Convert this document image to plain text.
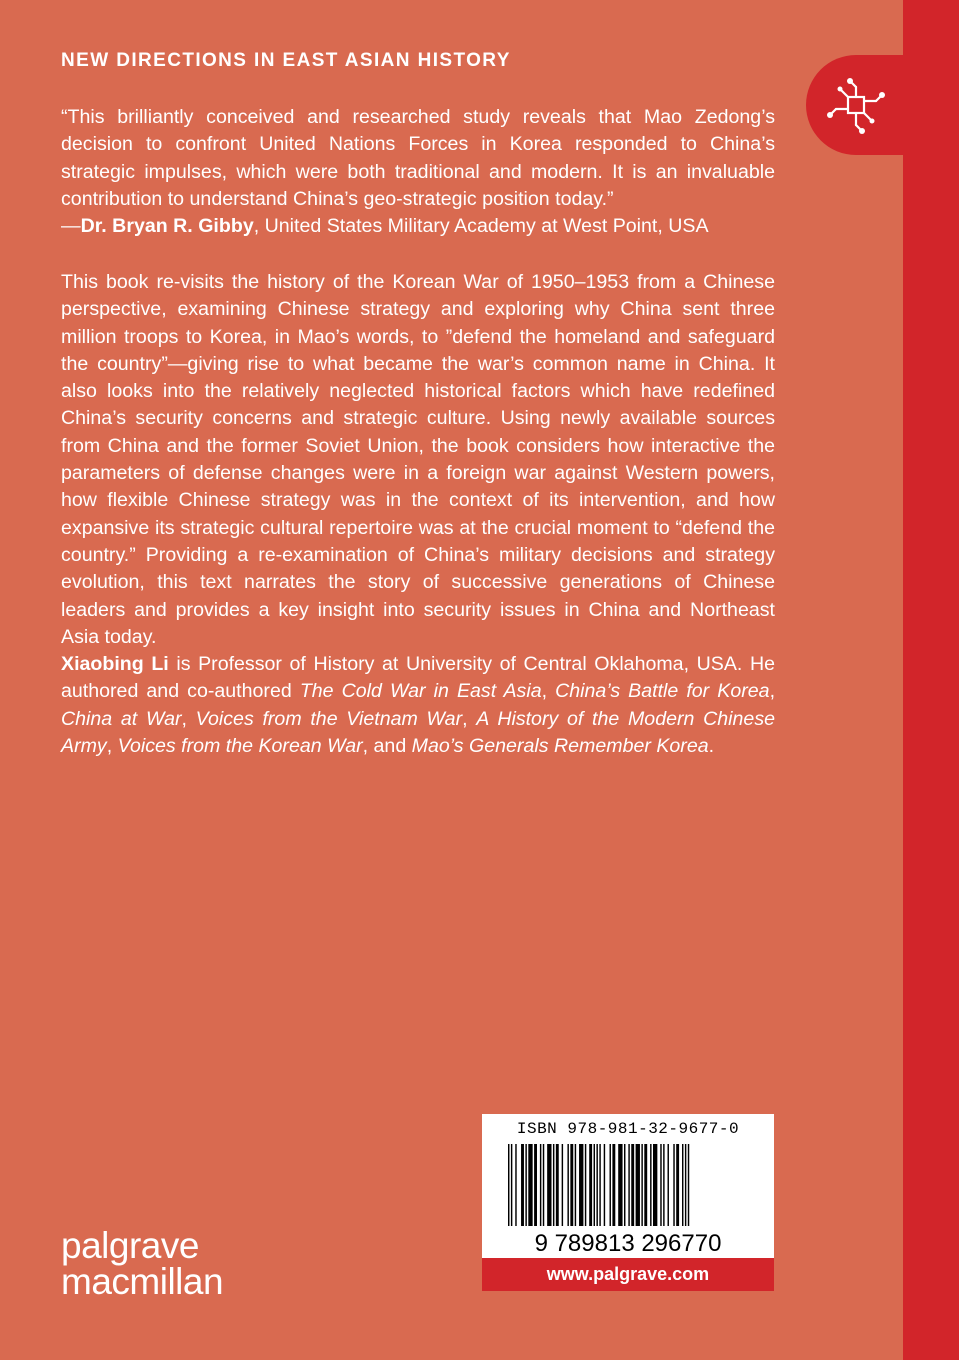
NEW DIRECTIONS IN EAST ASIAN HISTORY
“This brilliantly conceived and researched study reveals that Mao Zedong’s decision to confront United Nations Forces in Korea responded to China’s strategic impulses, which were both traditional and modern. It is an invaluable contribution to understand China’s geo-strategic position today.”
—Dr. Bryan R. Gibby, United States Military Academy at West Point, USA
This book re-visits the history of the Korean War of 1950–1953 from a Chinese perspective, examining Chinese strategy and exploring why China sent three million troops to Korea, in Mao’s words, to ”defend the homeland and safeguard the country”—giving rise to what became the war’s common name in China. It also looks into the relatively neglected historical factors which have redefined China’s security concerns and strategic culture. Using newly available sources from China and the former Soviet Union, the book considers how interactive the parameters of defense changes were in a foreign war against Western powers, how flexible Chinese strategy was in the context of its intervention, and how expansive its strategic cultural repertoire was at the crucial moment to “defend the country.” Providing a re-examination of China’s military decisions and strategy evolution, this text narrates the story of successive generations of Chinese leaders and provides a key insight into security issues in China and Northeast Asia today.
Xiaobing Li is Professor of History at University of Central Oklahoma, USA. He authored and co-authored The Cold War in East Asia, China’s Battle for Korea, China at War, Voices from the Vietnam War, A History of the Modern Chinese Army, Voices from the Korean War, and Mao’s Generals Remember Korea.
palgrave
macmillan
ISBN 978-981-32-9677-0
9 789813 296770
www.palgrave.com
